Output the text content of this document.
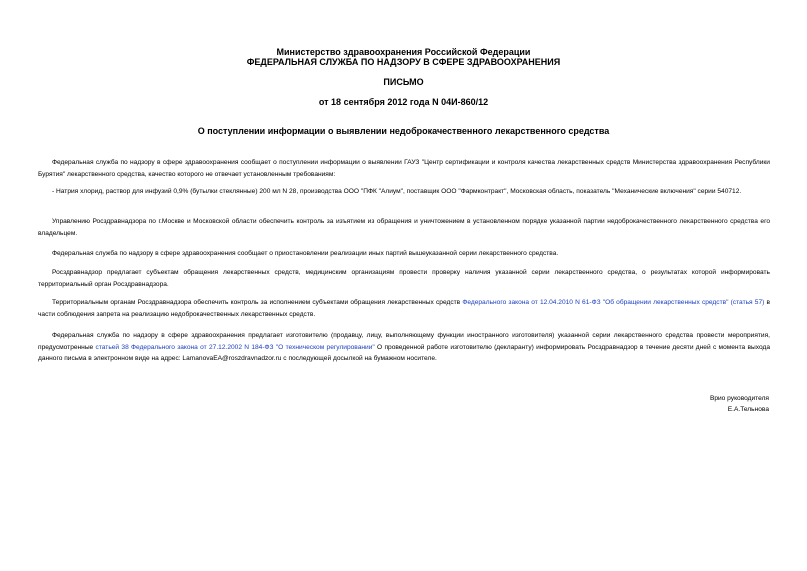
Министерство здравоохранения Российской Федерации
ФЕДЕРАЛЬНАЯ СЛУЖБА ПО НАДЗОРУ В СФЕРЕ ЗДРАВООХРАНЕНИЯ
ПИСЬМО
от 18 сентября 2012 года N 04И-860/12
О поступлении информации о выявлении недоброкачественного лекарственного средства

Федеральная служба по надзору в сфере здравоохранения сообщает о поступлении информации о выявлении ГАУЗ "Центр сертификации и контроля качества лекарственных средств Министерства здравоохранения Республики Бурятия" лекарственного средства, качество которого не отвечает установленным требованиям:

- Натрия хлорид, раствор для инфузий 0,9% (бутылки стеклянные) 200 мл N 28, производства ООО "ПФК "Алиум", поставщик ООО "Фармконтракт", Московская область, показатель "Механические включения" серии 540712.

Управлению Росздравнадзора по г.Москве и Московской области обеспечить контроль за изъятием из обращения и уничтожением в установленном порядке указанной партии недоброкачественного лекарственного средства его владельцем.

Федеральная служба по надзору в сфере здравоохранения сообщает о приостановлении реализации иных партий вышеуказанной серии лекарственного средства.

Росздравнадзор предлагает субъектам обращения лекарственных средств, медицинским организациям провести проверку наличия указанной серии лекарственного средства, о результатах которой информировать территориальный орган Росздравнадзора.

Территориальным органам Росздравнадзора обеспечить контроль за исполнением субъектами обращения лекарственных средств Федерального закона от 12.04.2010 N 61-ФЗ "Об обращении лекарственных средств" (статья 57) в части соблюдения запрета на реализацию недоброкачественных лекарственных средств.

Федеральная служба по надзору в сфере здравоохранения предлагает изготовителю (продавцу, лицу, выполняющему функции иностранного изготовителя) указанной серии лекарственного средства провести мероприятия, предусмотренные статьей 38 Федерального закона от 27.12.2002 N 184-ФЗ "О техническом регулировании" О проведенной работе изготовителю (декларанту) информировать Росздравнадзор в течение десяти дней с момента выхода данного письма в электронном виде на адрес: LamanovaEA@roszdravnadzor.ru с последующей досылкой на бумажном носителе.

Врио руководителя
Е.А.Тельнова
